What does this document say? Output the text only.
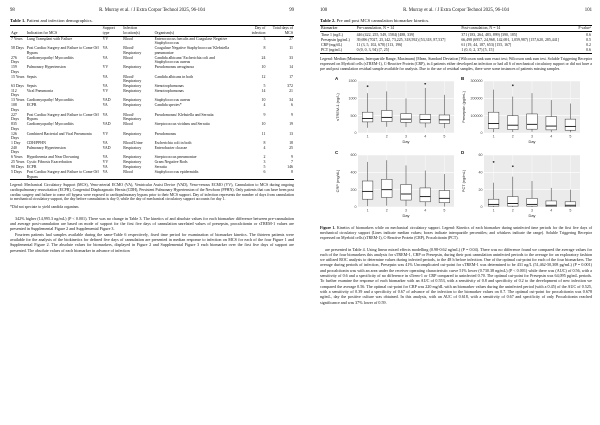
98	R. Murray et al. / J Extra Corpor Technol 2025, 96-104	99
Table 1. Patient and infection demographics.
Age	Indication for MCS	Support type	Infection location(s)	Organism(s)	Day of infection	Total days of MCS
7 Years	Lung Transplant with Failure	VV	Blood	Enterococcus faecalis and Coagulase Negative Staphylococcus	3	27
58 Days	Post Cardiac Surgery and Failure to Come Off Bypass	VA	Blood/ Respiratory	Coagulase Negative Staphylococcus/ Klebsiella pneumoniae	8	11
276 Days	Cardiomyopathy/ Myocarditis	VA	Blood	Candida albicans/ Escherichia coli and Staphylococcus aureus	24	33
159 Days	Pulmonary Hypertension	VV	Respiratory	Pseudomonas aeruginosa	10	14
15 Years	Sepsis	VA	Blood/ Respiratory	Candida albicans in both	12	17
63 Days	Sepsis	VA	Respiratory	Stenotrophomonas	5	372
112 Days	Viral Pneumonia	VV	Respiratory	Stenotrophomonas	14	21
13 Years	Cardiomyopathy/ Myocarditis	VAD	Respiratory	Staphylococcus aureus	10	34
108 Days	ECPR	VA	Respiratory	Candida species*	4	6
227 Days	Post Cardiac Surgery and Failure to Come Off Bypass	VA	Blood/ Respiratory	Pseudomonas/ Klebsiella and Serratia	9	9
835 Days	Cardiomyopathy/ Myocarditis	VAD	Blood	Streptococcus viridans and Serratia	10	19
126 Days	Combined Bacterial and Viral Pneumonia	VV	Respiratory	Pseudomonas	11	13
1 Day	CDH/PPHN	VA	Blood/Urine	Escherichia coli in both	8	18
240 Days	Pulmonary Hypertension	VAD	Respiratory	Enterobacter cloacae	4	25
6 Years	Hypothermia and Near Drowning	VA	Respiratory	Streptococcus pneumoniae	2	9
25 Years	Cystic Fibrosis Exacerbation	VV	Respiratory	Gram Negative Rods	3	7
90 Days	ECPR	VA	Respiratory	Serratia	5	146
5 Days	Post Cardiac Surgery and Failure to Come Off Bypass	VA	Blood	Staphylococcus epidermidis	6	8
Legend: Mechanical Circulatory Support (MCS), Veno-arterial ECMO (VA), Ventricular Assist Device (VAD), Veno-venous ECMO (VV), Cannulation to MCS during ongoing cardiopulmonary resuscitation (ECPR), Congenital Diaphragmatic Hernia (CDH), Persistent Pulmonary Hypertension of the Newborn (PPHN). Only patients that can have been post cardiac surgery and failure to come off bypass were exposed to cardiopulmonary bypass prior to their MCS support. Day of infection represents the number of days from cannulation to mechanical circulatory support, the day before cannulation is day 0, while the day of mechanical circulatory support accounts for day 1.
*Did not speciate to yield candida organism.

342% higher (14,995.3 ng/mL) (P < 0.001). There was no change in Table 3. The kinetics of and absolute values for each biomarker difference between pre-cannulation and average post-cannulation are based on mode of support for the first five days of cannulation unrelated values of presepsin, procalcitonin or sTREM-1 values are presented in Supplemental Figure 2 and Supplemental Figure 3.

Fourteen patients had samples available during the same-Table 6 respectively, fixed time period for examination of biomarker kinetics. The thirteen patients were available for the analysis of the biokinetics for defined five days of cannulation are presented in median response to infection on MCS for each of the four Figure 1 and Supplemental Figure 2. The absolute values for biomarkers, displayed in Figure 2 and Supplemental Figure 3 each biomarker over the first five days of support are presented. The absolute values of each biomarker in advance of infection

100	R. Murray et al. / J Extra Corpor Technol 2025, 96-104	101
Table 2. Pre and post MCS cannulation biomarker kinetics.
Biomarker	Pre-cannulation, N = 14	Post-cannulation, N = 14	P value¹
Time 1 (ng/L)	446 (422, 255, 549, 1584) [488, 339]	371 (183, 264, 483, 899) [390, 185]	0.6
Presepsin (pg/mL)	39,696 (7027, 25,142, 73,225, 318,592) [53,318, 87,537]	66,498 (6957, 24,968, 142,691, 1,059,987) [157,620, 285,441]	0.5
CRP (mg/dL)	11 (3, 5, 102, 678) [113, 196]	61 (19, 44, 187, 653) [155, 167]	0.2
PCT (ng/mL)	0 (0, 0, 3, 94) [7, 25]	1 (0, 0, 2, 37) [5, 15]	0.6
Legend: Median (Minimum, Interquartile Range, Maximum) [Mean, Standard Deviation] Wilcoxon rank sum exact test; Wilcoxon rank sum test. Soluble Triggering Receptor expressed on Myeloid cells (sTREM-1), C-Reactive Protein (CRP), in 4 patients either developed an infection or had all 6 of mechanical circulatory support or did not have a pre and post cannulation residual sample available for analysis. Due to the use of residual samples, there were some instances of patients missing samples.
0
500
1000
1500
1	2	3	4	5
Day
sTREM-1 (ng/L)
A
0
100000
200000
300000
1	2	3	4	5
Day
Presepsin (pg/mL)
B
0
200
400
600
1	2	3	4	5
Day
CRP (mg/dL)
C
0
20
40
60
1	2	3	4	5
Day
PCT (ng/mL)
D
Figure 1. Kinetics of biomarkers while on mechanical circulatory support. Legend: Kinetics of each biomarker during uninfected time periods for the first five days of mechanical circulatory support (Lines indicate median values; boxes indicate interquartile percentiles; and whiskers indicate the range). Soluble Triggering Receptor expressed on Myeloid cells (sTREM-1), C-Reactive Protein (CRP), Procalcitonin (PCT).

are presented in Table 4. Using linear mixed effects modelling (0.98-0.62 ng/mL) (P = 0.04). There was no difference found we compared the average values for each of the four biomarkers this analysis for sTREM-1, CRP or Presepsin, during their post cannulation uninfected periods to the average for an exploratory fashion we utilized ROC analysis to determine values during infected periods, to the 48 h before infection. One of the optimal cut-point for each of the four biomarkers. The average during periods of infection, Presepsin was 41% Uncomplicated cut-point for sTREM-1 was determined to be 431 ng/L (51,462-50,308 pg/mL) (P = 0.001) and procalcitonin was with an area under the receiver operating characteristic curve 51% lower (0.730.38 ng/mL) (P < 0.001) while there was (AUC) of 0.56, with a sensitivity of 0.6 and a specificity of no difference in sTrem-1 or CRP compared to uninfected 0.70. The optimal cut-point for Presepsin was 64,095 pg/mL periods. To further examine the response of each biomarker with an AUC of 0.553, with a sensitivity of 0.8 and specificity of 0.2 to the development of new infection we compared the average 0.56. The optimal cut-point for CRP was 220 mg/dL with an biomarker values during the uninfected period (with a 0.45) of the AUC of 0.525, with a sensitivity of 0.39 and a specificity of 0.67 of advance of the infection to the biomarker values on 0.7. The optimal cut-point for procalcitonin was 0.678 ng/mL, day the positive culture was obtained. In this analysis, with an AUC of 0.618, with a sensitivity of 0.67 and specificity of only Procalcitonin reached significance and was 37% lower of 0.59.
